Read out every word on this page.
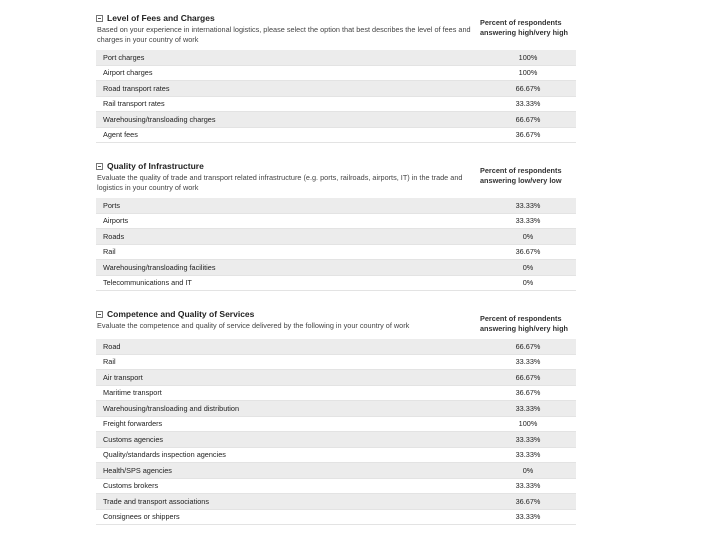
Level of Fees and Charges
Based on your experience in international logistics, please select the option that best describes the level of fees and charges in your country of work
Percent of respondents answering high/very high
Port charges	100%
Airport charges	100%
Road transport rates	66.67%
Rail transport rates	33.33%
Warehousing/transloading charges	66.67%
Agent fees	36.67%
Quality of Infrastructure
Evaluate the quality of trade and transport related infrastructure (e.g. ports, railroads, airports, IT) in the trade and logistics in your country of work
Percent of respondents answering low/very low
Ports	33.33%
Airports	33.33%
Roads	0%
Rail	36.67%
Warehousing/transloading facilities	0%
Telecommunications and IT	0%
Competence and Quality of Services
Evaluate the competence and quality of service delivered by the following in your country of work
Percent of respondents answering high/very high
Road	66.67%
Rail	33.33%
Air transport	66.67%
Maritime transport	36.67%
Warehousing/transloading and distribution	33.33%
Freight forwarders	100%
Customs agencies	33.33%
Quality/standards inspection agencies	33.33%
Health/SPS agencies	0%
Customs brokers	33.33%
Trade and transport associations	36.67%
Consignees or shippers	33.33%
